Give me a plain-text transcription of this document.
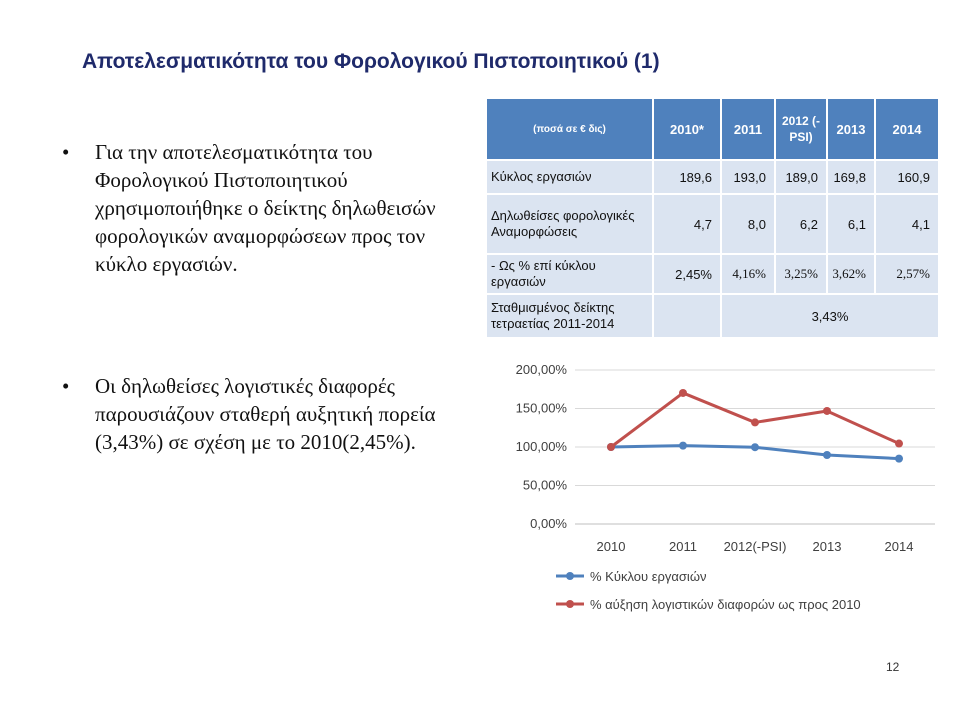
Αποτελεσματικότητα του Φορολογικού Πιστοποιητικού (1)
• Για την αποτελεσματικότητα του Φορολογικού Πιστοποιητικού χρησιμοποιήθηκε ο δείκτης δηλωθεισών φορολογικών αναμορφώσεων προς τον κύκλο εργασιών.
• Οι δηλωθείσες λογιστικές διαφορές παρουσιάζουν σταθερή αυξητική πορεία (3,43%) σε σχέση με το 2010(2,45%).
(ποσά σε € δις)	2010*	2011	2012 (-PSI)	2013	2014
Κύκλος εργασιών	189,6	193,0	189,0	169,8	160,9
Δηλωθείσες φορολογικές Αναμορφώσεις	4,7	8,0	6,2	6,1	4,1
- Ως % επί κύκλου εργασιών	2,45%	4,16%	3,25%	3,62%	2,57%
Σταθμισμένος δείκτης τετραετίας 2011-2014		3,43%			
0,00%
50,00%
100,00%
150,00%
200,00%
2010	2011 2012(-PSI) 2013	2014
% Κύκλου εργασιών
% αύξηση λογιστικών διαφορών ως προς 2010
12
